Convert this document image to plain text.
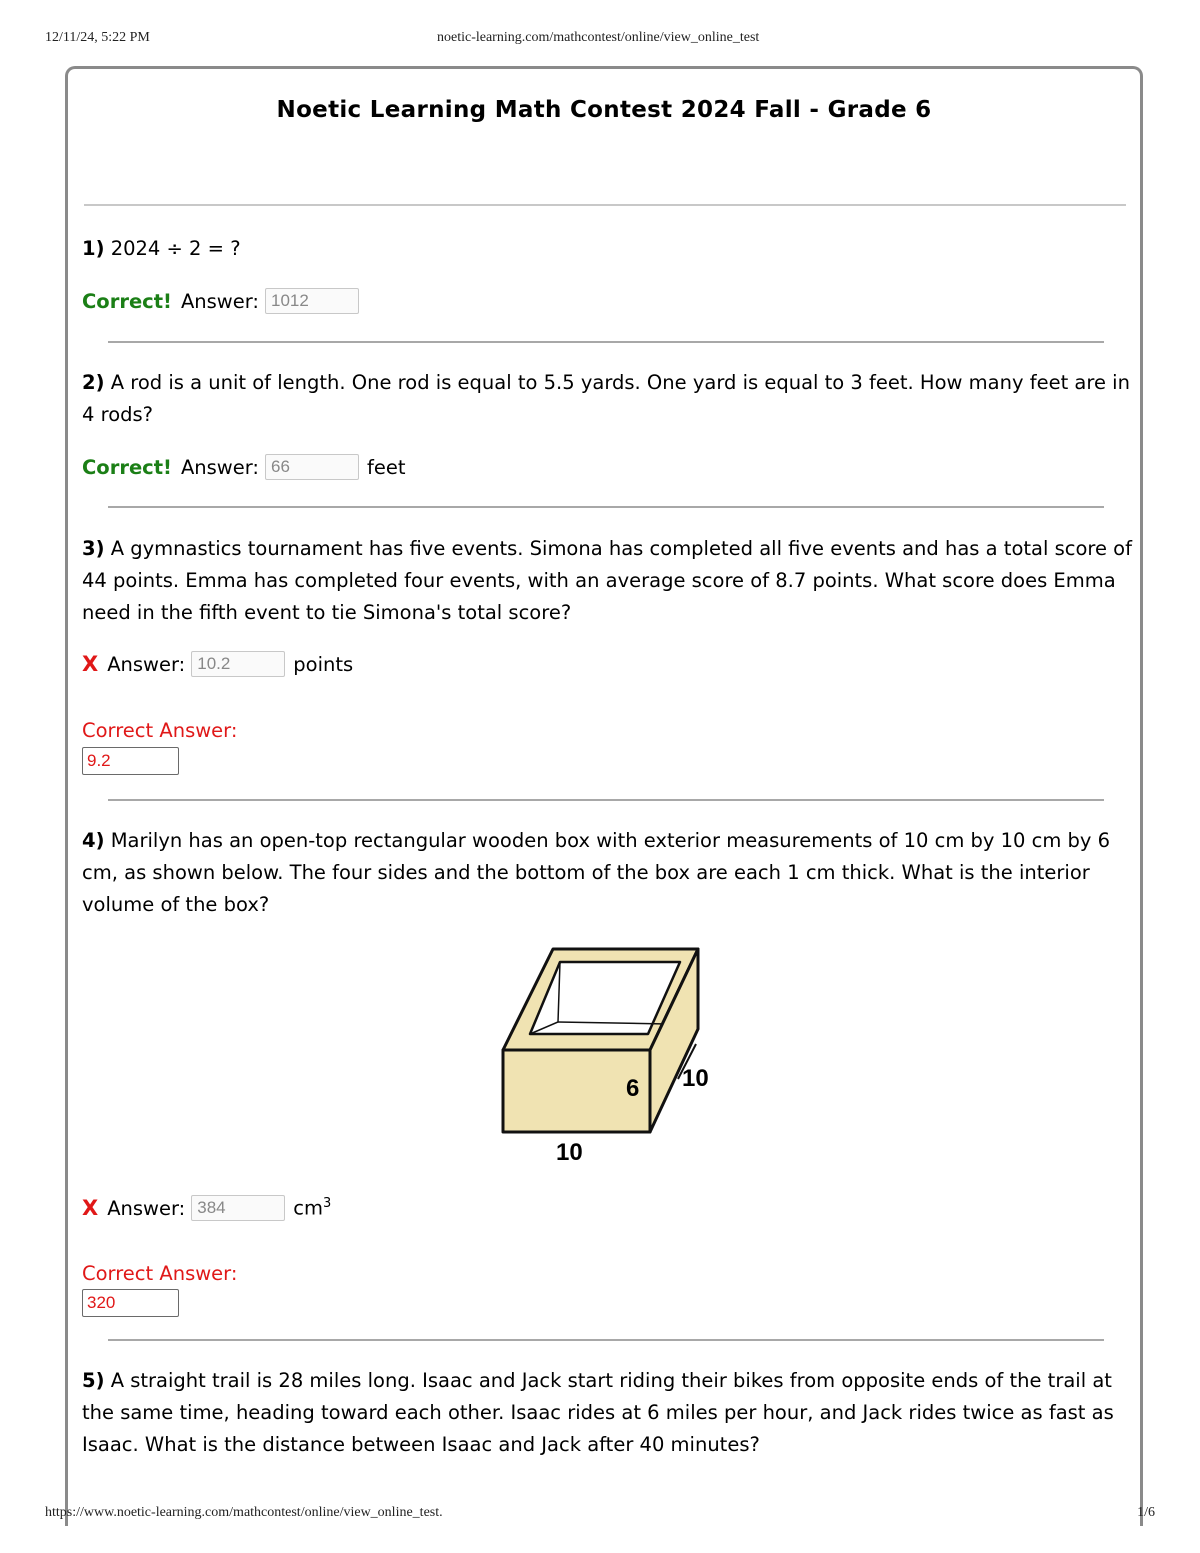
12/11/24, 5:22 PM	noetic-learning.com/mathcontest/online/view_online_test
Noetic Learning Math Contest 2024 Fall - Grade 6

1) 2024 ÷ 2 = ?

Correct! Answer: 1012

2) A rod is a unit of length. One rod is equal to 5.5 yards. One yard is equal to 3 feet. How many feet are in 4 rods?

Correct! Answer: 66	feet

3) A gymnastics tournament has five events. Simona has completed all five events and has a total score of 44 points. Emma has completed four events, with an average score of 8.7 points. What score does Emma need in the fifth event to tie Simona's total score?

X Answer: 10.2	points

Correct Answer:

9.2

4) Marilyn has an open-top rectangular wooden box with exterior measurements of 10 cm by 10 cm by 6 cm, as shown below. The four sides and the bottom of the box are each 1 cm thick. What is the interior volume of the box?

X Answer: 384	$cm^3$

Correct Answer:

320
6 10
10

5) A straight trail is 28 miles long. Isaac and Jack start riding their bikes from opposite ends of the trail at the same time, heading toward each other. Isaac rides at 6 miles per hour, and Jack rides twice as fast as Isaac. What is the distance between Isaac and Jack after 40 minutes?

https://www.noetic-learning.com/mathcontest/online/view_online_test.	1/6
